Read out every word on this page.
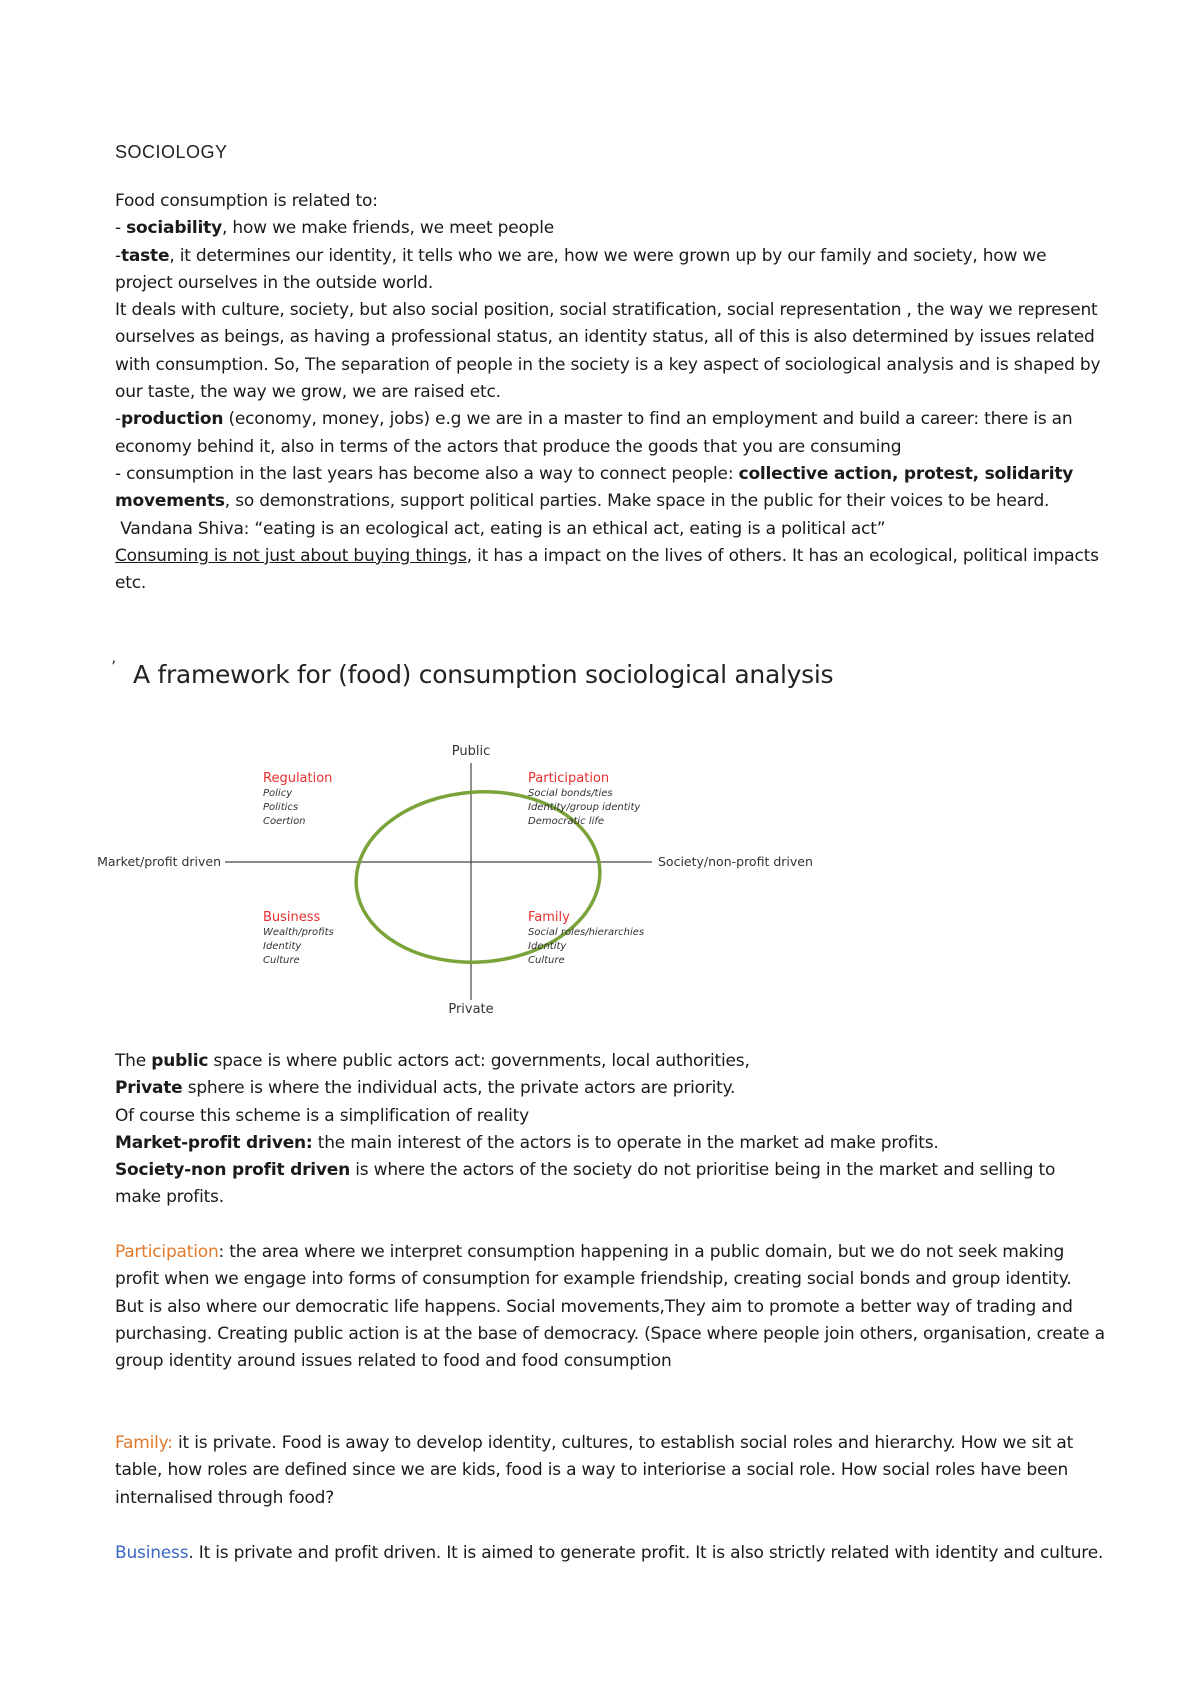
SOCIOLOGY
Food consumption is related to:
- sociability, how we make friends, we meet people
-taste, it determines our identity, it tells who we are, how we were grown up by our family and society, how we project ourselves in the outside world.
It deals with culture, society, but also social position, social stratification, social representation , the way we represent ourselves as beings, as having a professional status, an identity status, all of this is also determined by issues related with consumption. So, The separation of people in the society is a key aspect of sociological analysis and is shaped by our taste, the way we grow, we are raised etc.
-production (economy, money, jobs) e.g we are in a master to find an employment and build a career: there is an economy behind it, also in terms of the actors that produce the goods that you are consuming
- consumption in the last years has become also a way to connect people: collective action, protest, solidarity movements, so demonstrations, support political parties. Make space in the public for their voices to be heard.
Vandana Shiva: “eating is an ecological act, eating is an ethical act, eating is a political act”
Consuming is not just about buying things, it has a impact on the lives of others. It has an ecological, political impacts etc.
’ A framework for (food) consumption sociological analysis
Public
Private
Market/profit driven	Society/non-profit driven
Regulation
Policy
Politics
Coertion
Participation
Social bonds/ties
Identity/group identity
Democratic life
Business
Wealth/profits
Identity
Culture
Family
Social roles/hierarchies
Identity
Culture
The public space is where public actors act: governments, local authorities,
Private sphere is where the individual acts, the private actors are priority.
Of course this scheme is a simplification of reality
Market-profit driven: the main interest of the actors is to operate in the market ad make profits.
Society-non profit driven is where the actors of the society do not prioritise being in the market and selling to make profits.
Participation: the area where we interpret consumption happening in a public domain, but we do not seek making profit when we engage into forms of consumption for example friendship, creating social bonds and group identity. But is also where our democratic life happens. Social movements,They aim to promote a better way of trading and purchasing. Creating public action is at the base of democracy. (Space where people join others, organisation, create a group identity around issues related to food and food consumption
Family: it is private. Food is away to develop identity, cultures, to establish social roles and hierarchy. How we sit at table, how roles are defined since we are kids, food is a way to interiorise a social role. How social roles have been internalised through food?
Business. It is private and profit driven. It is aimed to generate profit. It is also strictly related with identity and culture.
